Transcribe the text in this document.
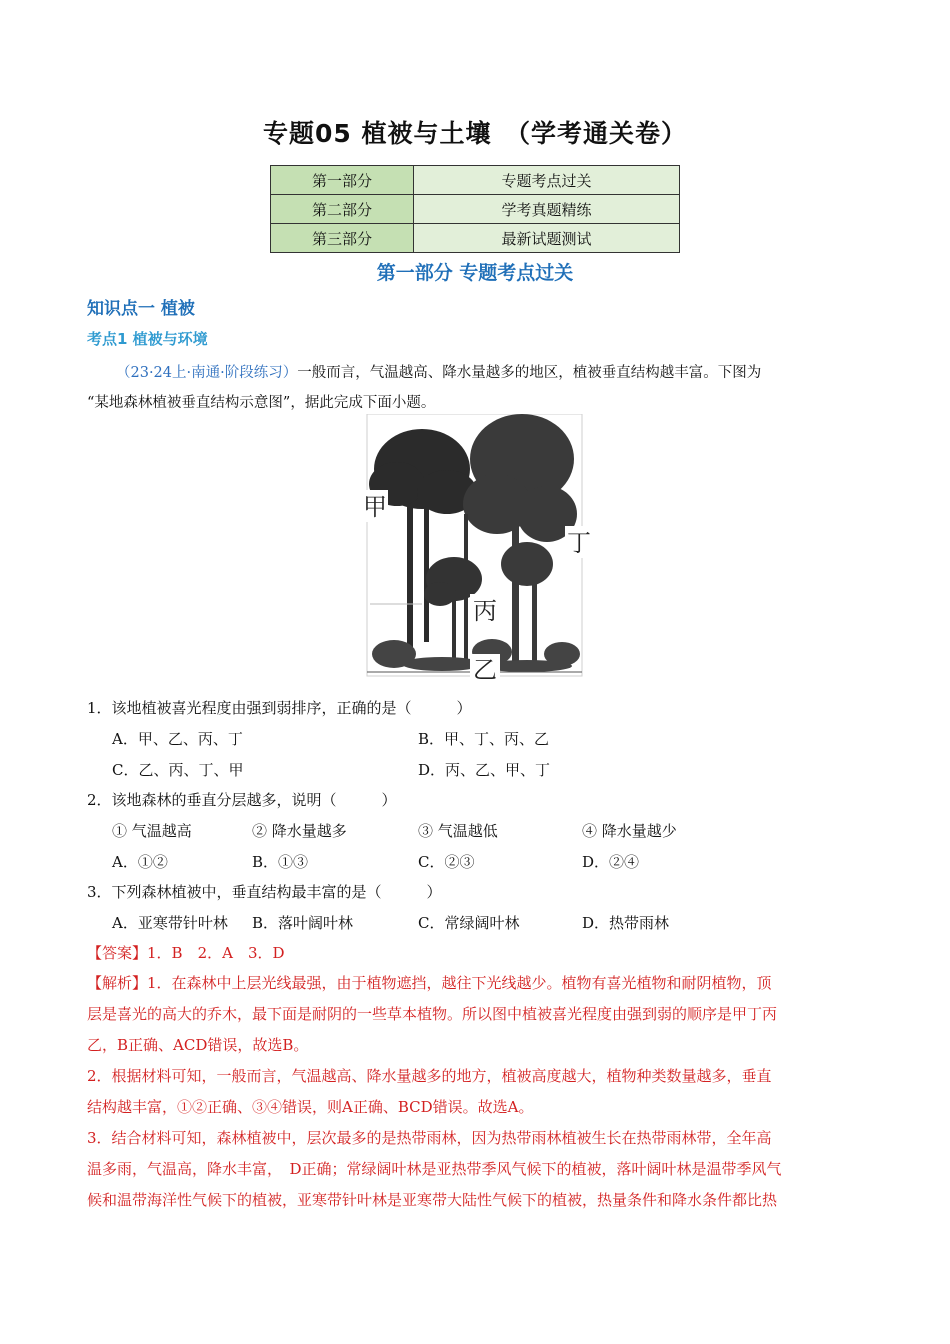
专题05 植被与土壤　（学考通关卷）
第一部分	专题考点过关
第二部分	学考真题精练
第三部分	最新试题测试
第一部分 专题考点过关
知识点一 植被
考点1 植被与环境
（23·24上·南通·阶段练习）一般而言，气温越高、降水量越多的地区，植被垂直结构越丰富。下图为
“某地森林植被垂直结构示意图”，据此完成下面小题。
甲
丁
丙
乙
1．该地植被喜光程度由强到弱排序，正确的是（　　　）
A．甲、乙、丙、丁	B．甲、丁、丙、乙
C．乙、丙、丁、甲	D．丙、乙、甲、丁
2．该地森林的垂直分层越多，说明（　　　）
① 气温越高	② 降水量越多	③ 气温越低	④ 降水量越少
A．①②	B．①③	C．②③	D．②④
3．下列森林植被中，垂直结构最丰富的是（　　　）
A．亚寒带针叶林 B．落叶阔叶林	C．常绿阔叶林	D．热带雨林
【答案】1．B　2．A　3．D
【解析】1．在森林中上层光线最强，由于植物遮挡，越往下光线越少。植物有喜光植物和耐阴植物，顶
层是喜光的高大的乔木，最下面是耐阴的一些草本植物。所以图中植被喜光程度由强到弱的顺序是甲丁丙
乙，B正确、ACD错误，故选B。
2．根据材料可知，一般而言，气温越高、降水量越多的地方，植被高度越大，植物种类数量越多，垂直
结构越丰富，①②正确、③④错误，则A正确、BCD错误。故选A。
3．结合材料可知，森林植被中，层次最多的是热带雨林，因为热带雨林植被生长在热带雨林带，全年高
温多雨，气温高，降水丰富，　D正确；常绿阔叶林是亚热带季风气候下的植被，落叶阔叶林是温带季风气
候和温带海洋性气候下的植被，亚寒带针叶林是亚寒带大陆性气候下的植被，热量条件和降水条件都比热
